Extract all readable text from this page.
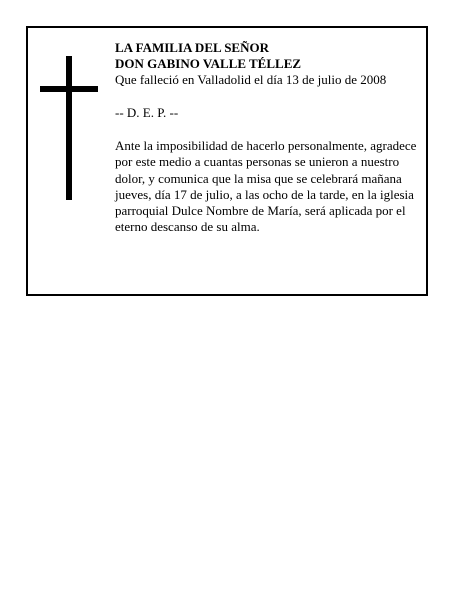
LA FAMILIA DEL SEÑOR

DON GABINO VALLE TÉLLEZ

Que falleció en Valladolid el día 13 de julio de 2008

-- D. E. P. --

Ante la imposibilidad de hacerlo personalmente, agradece por este medio a cuantas personas se unieron a nuestro dolor, y comunica que la misa que se celebrará mañana jueves, día 17 de julio, a las ocho de la tarde, en la iglesia parroquial Dulce Nombre de María, será aplicada por el eterno descanso de su alma.
